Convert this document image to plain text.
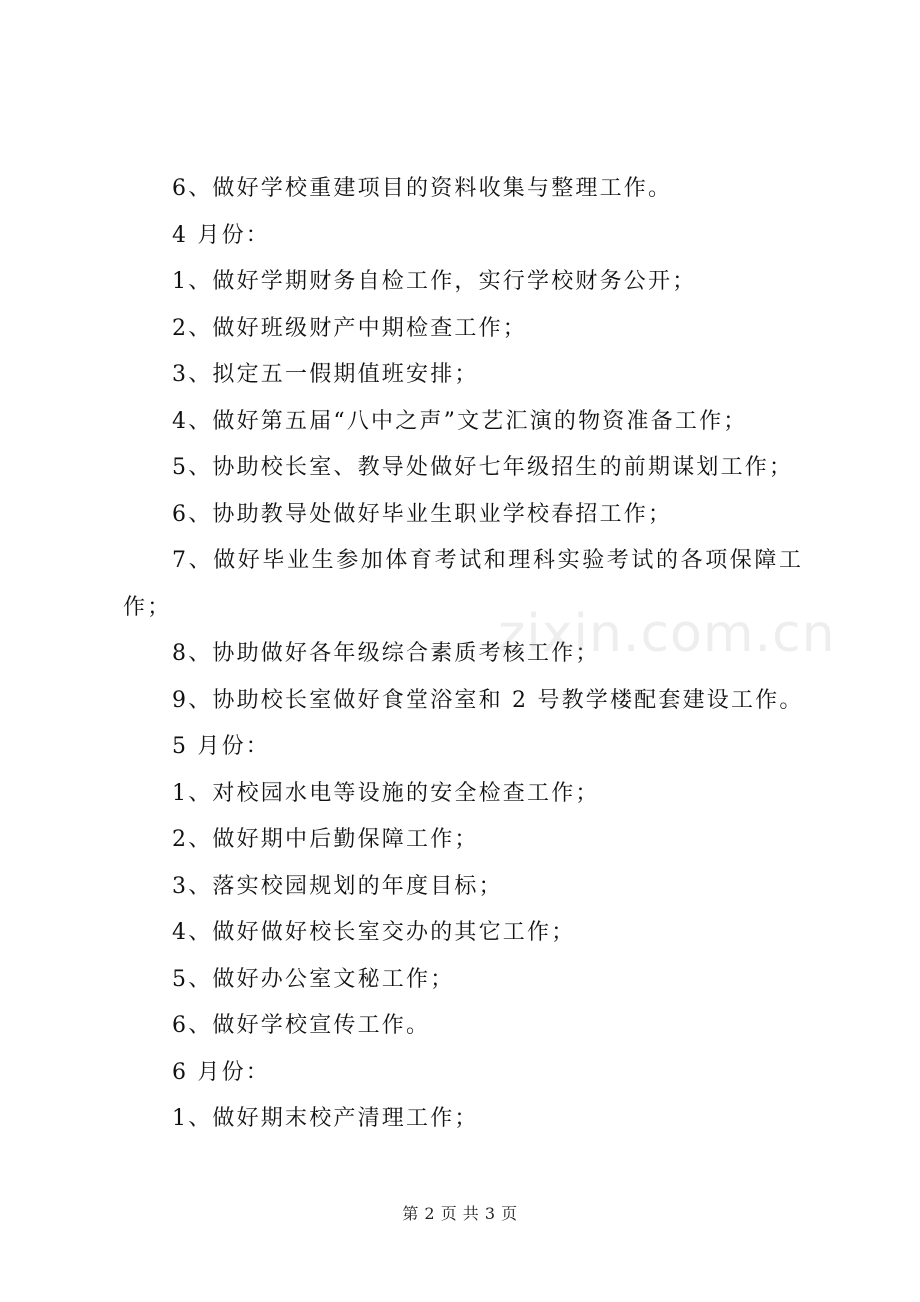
6、做好学校重建项目的资料收集与整理工作。
4 月份：
1、做好学期财务自检工作，实行学校财务公开；
2、做好班级财产中期检查工作；
3、拟定五一假期值班安排；
4、做好第五届“八中之声”文艺汇演的物资准备工作；
5、协助校长室、教导处做好七年级招生的前期谋划工作；
6、协助教导处做好毕业生职业学校春招工作；
7、做好毕业生参加体育考试和理科实验考试的各项保障工
作；
8、协助做好各年级综合素质考核工作；
9、协助校长室做好食堂浴室和 2 号教学楼配套建设工作。
5 月份：
1、对校园水电等设施的安全检查工作；
2、做好期中后勤保障工作；
3、落实校园规划的年度目标；
4、做好做好校长室交办的其它工作；
5、做好办公室文秘工作；
6、做好学校宣传工作。
6 月份：
1、做好期末校产清理工作；
zixin.com.cn
第 2 页 共 3 页
